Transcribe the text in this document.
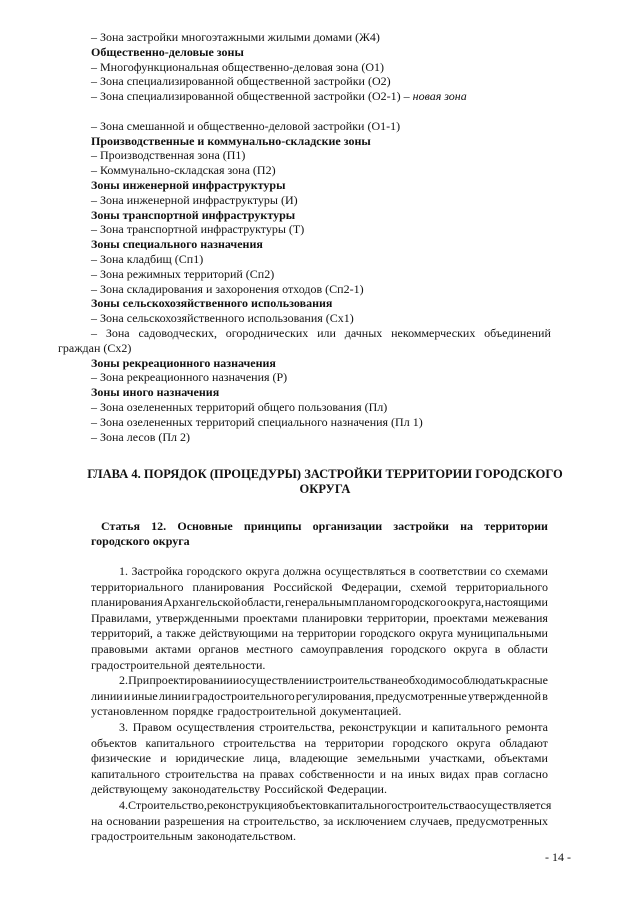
– Зона застройки многоэтажными жилыми домами (Ж4)
Общественно-деловые зоны
– Многофункциональная общественно-деловая зона (О1)
– Зона специализированной общественной застройки (О2)
– Зона специализированной общественной застройки (О2-1) – новая зона
– Зона смешанной и общественно-деловой застройки (О1-1)
Производственные и коммунально-складские зоны
– Производственная зона (П1)
– Коммунально-складская зона (П2)
Зоны инженерной инфраструктуры
– Зона инженерной инфраструктуры (И)
Зоны транспортной инфраструктуры
– Зона транспортной инфраструктуры (Т)
Зоны специального назначения
– Зона кладбищ (Сп1)
– Зона режимных территорий (Сп2)
– Зона складирования и захоронения отходов (Сп2-1)
Зоны сельскохозяйственного использования
– Зона сельскохозяйственного использования (Сх1)
– Зона садоводческих, огороднических или дачных некоммерческих объединений
граждан (Сх2)
Зоны рекреационного назначения
– Зона рекреационного назначения (Р)
Зоны иного назначения
– Зона озелененных территорий общего пользования (Пл)
– Зона озелененных территорий специального назначения (Пл 1)
– Зона лесов (Пл 2)
ГЛАВА 4. ПОРЯДОК (ПРОЦЕДУРЫ) ЗАСТРОЙКИ ТЕРРИТОРИИ ГОРОДСКОГО
ОКРУГА
Статья 12. Основные принципы организации застройки на территории
городского округа
1. Застройка городского округа должна осуществляться в соответствии со схемами
территориального планирования Российской Федерации, схемой территориального
планирования Архангельской области, генеральным планом городского округа, настоящими
Правилами, утвержденными проектами планировки территории, проектами межевания
территорий, а также действующими на территории городского округа муниципальными
правовыми актами органов местного самоуправления городского округа в области
градостроительной деятельности.
2. При проектировании и осуществлении строительства необходимо соблюдать красные
линии и иные линии градостроительного регулирования, предусмотренные утвержденной в
установленном порядке градостроительной документацией.
3. Правом осуществления строительства, реконструкции и капитального ремонта
объектов капитального строительства на территории городского округа обладают
физические и юридические лица, владеющие земельными участками, объектами
капитального строительства на правах собственности и на иных видах прав согласно
действующему законодательству Российской Федерации.
4. Строительство, реконструкция объектов капитального строительства осуществляется
на основании разрешения на строительство, за исключением случаев, предусмотренных
градостроительным законодательством.
- 14 -
